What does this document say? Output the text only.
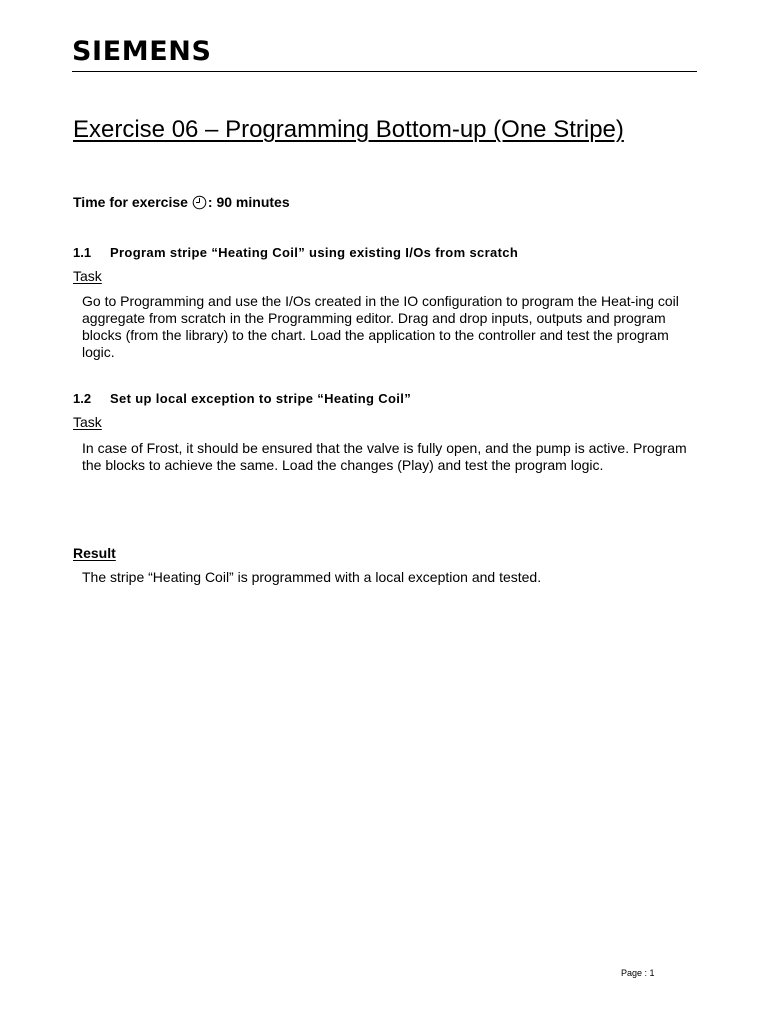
SIEMENS
Exercise 06 – Programming Bottom-up (One Stripe)
Time for exercise : 90 minutes
1.1 Program stripe “Heating Coil” using existing I/Os from scratch
Task

Go to Programming and use the I/Os created in the IO configuration to program the Heat-ing coil aggregate from scratch in the Programming editor. Drag and drop inputs, outputs and program blocks (from the library) to the chart. Load the application to the controller and test the program logic.

1.2 Set up local exception to stripe “Heating Coil”
Task

In case of Frost, it should be ensured that the valve is fully open, and the pump is active. Program the blocks to achieve the same. Load the changes (Play) and test the program logic.

Result
The stripe “Heating Coil” is programmed with a local exception and tested.
Page : 1
